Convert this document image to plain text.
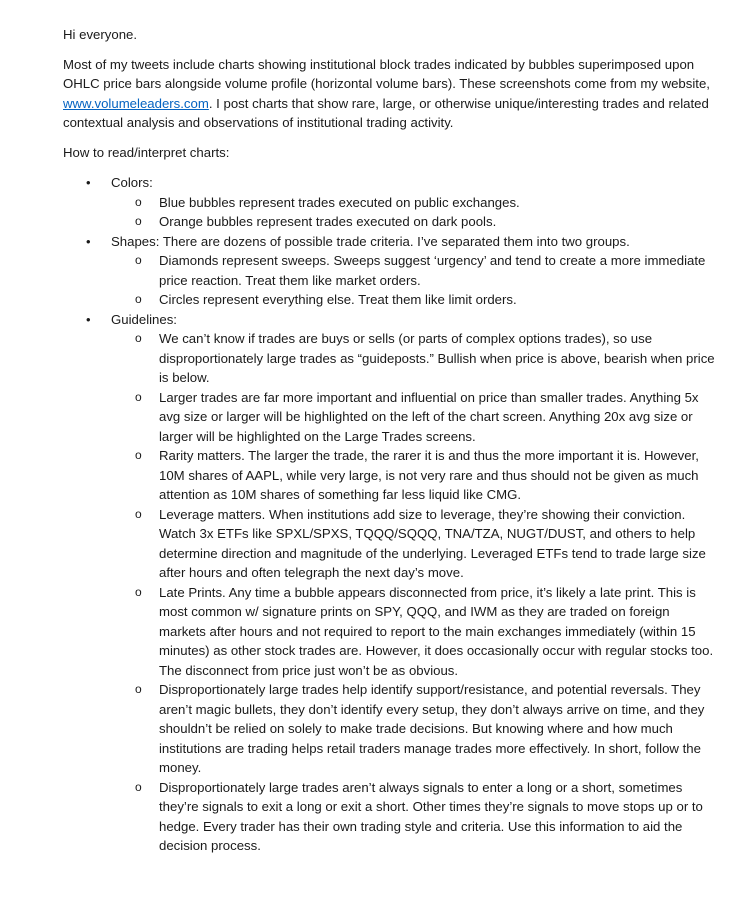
Hi everyone.

Most of my tweets include charts showing institutional block trades indicated by bubbles superimposed upon OHLC price bars alongside volume profile (horizontal volume bars). These screenshots come from my website, www.volumeleaders.com. I post charts that show rare, large, or otherwise unique/interesting trades and related contextual analysis and observations of institutional trading activity.

How to read/interpret charts:

• Colors:
o Blue bubbles represent trades executed on public exchanges.
o Orange bubbles represent trades executed on dark pools.
• Shapes: There are dozens of possible trade criteria. I’ve separated them into two groups.
o Diamonds represent sweeps. Sweeps suggest ‘urgency’ and tend to create a more immediate price reaction. Treat them like market orders.
o Circles represent everything else. Treat them like limit orders.
• Guidelines:
o We can’t know if trades are buys or sells (or parts of complex options trades), so use disproportionately large trades as “guideposts.” Bullish when price is above, bearish when price is below.
o Larger trades are far more important and influential on price than smaller trades. Anything 5x avg size or larger will be highlighted on the left of the chart screen. Anything 20x avg size or larger will be highlighted on the Large Trades screens.
o Rarity matters. The larger the trade, the rarer it is and thus the more important it is. However, 10M shares of AAPL, while very large, is not very rare and thus should not be given as much attention as 10M shares of something far less liquid like CMG.
o Leverage matters. When institutions add size to leverage, they’re showing their conviction. Watch 3x ETFs like SPXL/SPXS, TQQQ/SQQQ, TNA/TZA, NUGT/DUST, and others to help determine direction and magnitude of the underlying. Leveraged ETFs tend to trade large size after hours and often telegraph the next day’s move.
o Late Prints. Any time a bubble appears disconnected from price, it’s likely a late print. This is most common w/ signature prints on SPY, QQQ, and IWM as they are traded on foreign markets after hours and not required to report to the main exchanges immediately (within 15 minutes) as other stock trades are. However, it does occasionally occur with regular stocks too. The disconnect from price just won’t be as obvious.
o Disproportionately large trades help identify support/resistance, and potential reversals. They aren’t magic bullets, they don’t identify every setup, they don’t always arrive on time, and they shouldn’t be relied on solely to make trade decisions. But knowing where and how much institutions are trading helps retail traders manage trades more effectively. In short, follow the money.
o Disproportionately large trades aren’t always signals to enter a long or a short, sometimes they’re signals to exit a long or exit a short. Other times they’re signals to move stops up or to hedge. Every trader has their own trading style and criteria. Use this information to aid the decision process.
